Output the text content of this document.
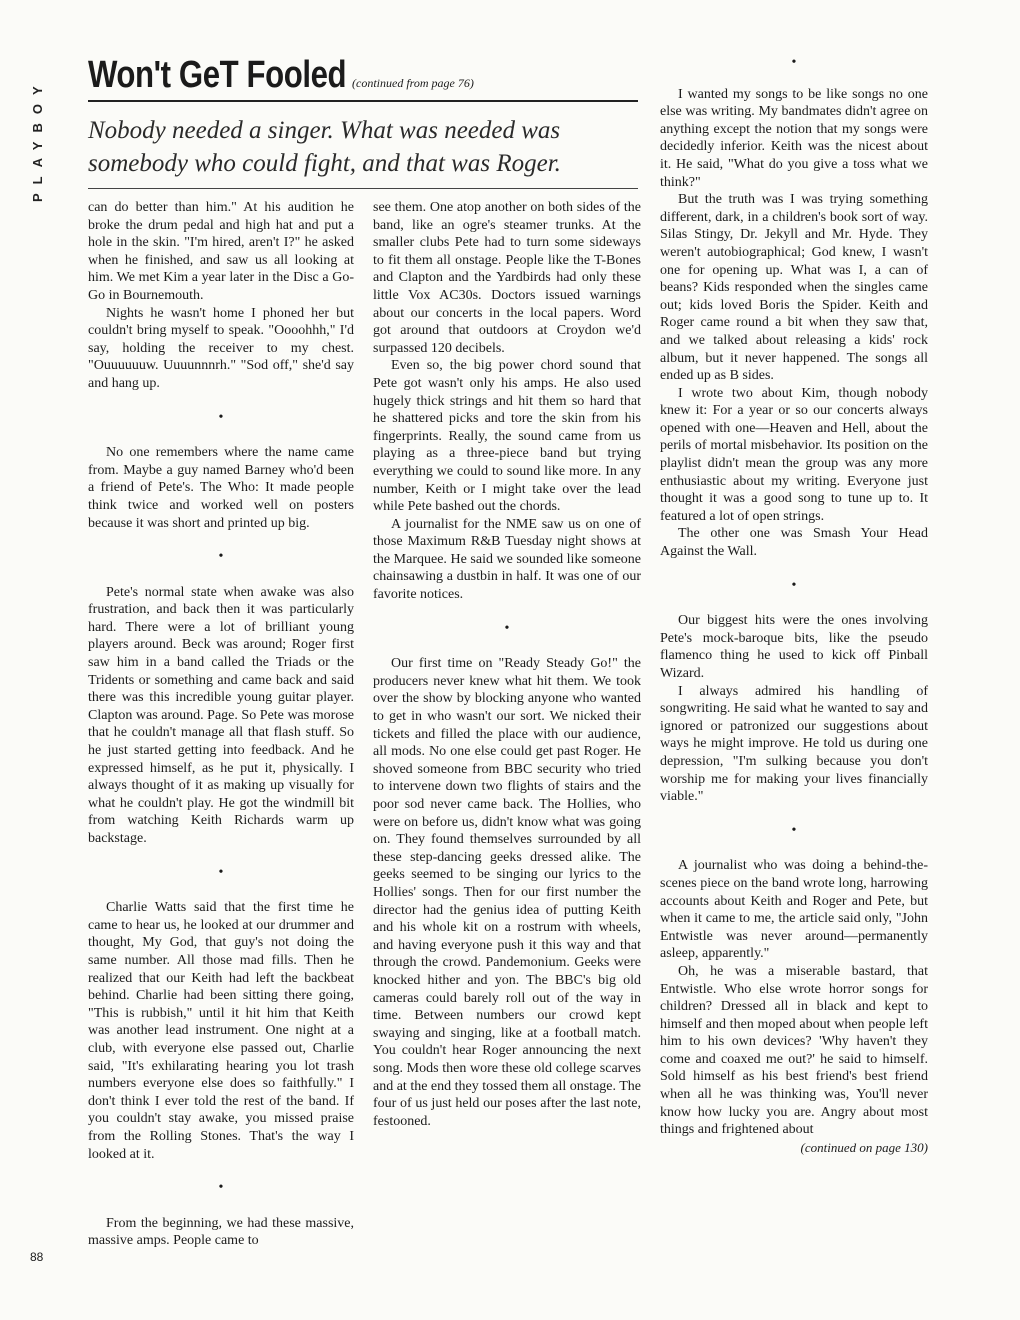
PLAYBOY
Won't GeT Fooled (continued from page 76)
Nobody needed a singer. What was needed was somebody who could fight, and that was Roger.

can do better than him." At his audition he broke the drum pedal and high hat and put a hole in the skin. "I'm hired, aren't I?" he asked when he finished, and saw us all looking at him. We met Kim a year later in the Disc a Go-Go in Bournemouth.

Nights he wasn't home I phoned her but couldn't bring myself to speak. "Oooohhh," I'd say, holding the receiver to my chest. "Ouuuuuuw. Uuuunnnrh." "Sod off," she'd say and hang up.

•

No one remembers where the name came from. Maybe a guy named Barney who'd been a friend of Pete's. The Who: It made people think twice and worked well on posters because it was short and printed up big.

•

Pete's normal state when awake was also frustration, and back then it was particularly hard. There were a lot of brilliant young players around. Beck was around; Roger first saw him in a band called the Triads or the Tridents or something and came back and said there was this incredible young guitar player. Clapton was around. Page. So Pete was morose that he couldn't manage all that flash stuff. So he just started getting into feedback. And he expressed himself, as he put it, physically. I always thought of it as making up visually for what he couldn't play. He got the windmill bit from watching Keith Richards warm up backstage.

•

Charlie Watts said that the first time he came to hear us, he looked at our drummer and thought, My God, that guy's not doing the same number. All those mad fills. Then he realized that our Keith had left the backbeat behind. Charlie had been sitting there going, "This is rubbish," until it hit him that Keith was another lead instrument. One night at a club, with everyone else passed out, Charlie said, "It's exhilarating hearing you lot trash numbers everyone else does so faithfully." I don't think I ever told the rest of the band. If you couldn't stay awake, you missed praise from the Rolling Stones. That's the way I looked at it.

•

From the beginning, we had these massive, massive amps. People came to

see them. One atop another on both sides of the band, like an ogre's steamer trunks. At the smaller clubs Pete had to turn some sideways to fit them all onstage. People like the T-Bones and Clapton and the Yardbirds had only these little Vox AC30s. Doctors issued warnings about our concerts in the local papers. Word got around that outdoors at Croydon we'd surpassed 120 decibels.

Even so, the big power chord sound that Pete got wasn't only his amps. He also used hugely thick strings and hit them so hard that he shattered picks and tore the skin from his fingerprints. Really, the sound came from us playing as a three-piece band but trying everything we could to sound like more. In any number, Keith or I might take over the lead while Pete bashed out the chords.

A journalist for the NME saw us on one of those Maximum R&B Tuesday night shows at the Marquee. He said we sounded like someone chainsawing a dustbin in half. It was one of our favorite notices.

•

Our first time on "Ready Steady Go!" the producers never knew what hit them. We took over the show by blocking anyone who wanted to get in who wasn't our sort. We nicked their tickets and filled the place with our audience, all mods. No one else could get past Roger. He shoved someone from BBC security who tried to intervene down two flights of stairs and the poor sod never came back. The Hollies, who were on before us, didn't know what was going on. They found themselves surrounded by all these step-dancing geeks dressed alike. The geeks seemed to be singing our lyrics to the Hollies' songs. Then for our first number the director had the genius idea of putting Keith and his whole kit on a rostrum with wheels, and having everyone push it this way and that through the crowd. Pandemonium. Geeks were knocked hither and yon. The BBC's big old cameras could barely roll out of the way in time. Between numbers our crowd kept swaying and singing, like at a football match. You couldn't hear Roger announcing the next song. Mods then wore these old college scarves and at the end they tossed them all onstage. The four of us just held our poses after the last note, festooned.

•

I wanted my songs to be like songs no one else was writing. My bandmates didn't agree on anything except the notion that my songs were decidedly inferior. Keith was the nicest about it. He said, "What do you give a toss what we think?"

But the truth was I was trying something different, dark, in a children's book sort of way. Silas Stingy, Dr. Jekyll and Mr. Hyde. They weren't autobiographical; God knew, I wasn't one for opening up. What was I, a can of beans? Kids responded when the singles came out; kids loved Boris the Spider. Keith and Roger came round a bit when they saw that, and we talked about releasing a kids' rock album, but it never happened. The songs all ended up as B sides.

I wrote two about Kim, though nobody knew it: For a year or so our concerts always opened with one—Heaven and Hell, about the perils of mortal misbehavior. Its position on the playlist didn't mean the group was any more enthusiastic about my writing. Everyone just thought it was a good song to tune up to. It featured a lot of open strings.

The other one was Smash Your Head Against the Wall.

•

Our biggest hits were the ones involving Pete's mock-baroque bits, like the pseudo flamenco thing he used to kick off Pinball Wizard.

I always admired his handling of songwriting. He said what he wanted to say and ignored or patronized our suggestions about ways he might improve. He told us during one depression, "I'm sulking because you don't worship me for making your lives financially viable."

•

A journalist who was doing a behind-the-scenes piece on the band wrote long, harrowing accounts about Keith and Roger and Pete, but when it came to me, the article said only, "John Entwistle was never around—permanently asleep, apparently."

Oh, he was a miserable bastard, that Entwistle. Who else wrote horror songs for children? Dressed all in black and kept to himself and then moped about when people left him to his own devices? 'Why haven't they come and coaxed me out?' he said to himself. Sold himself as his best friend's best friend when all he was thinking was, You'll never know how lucky you are. Angry about most things and frightened about

(continued on page 130)
88
